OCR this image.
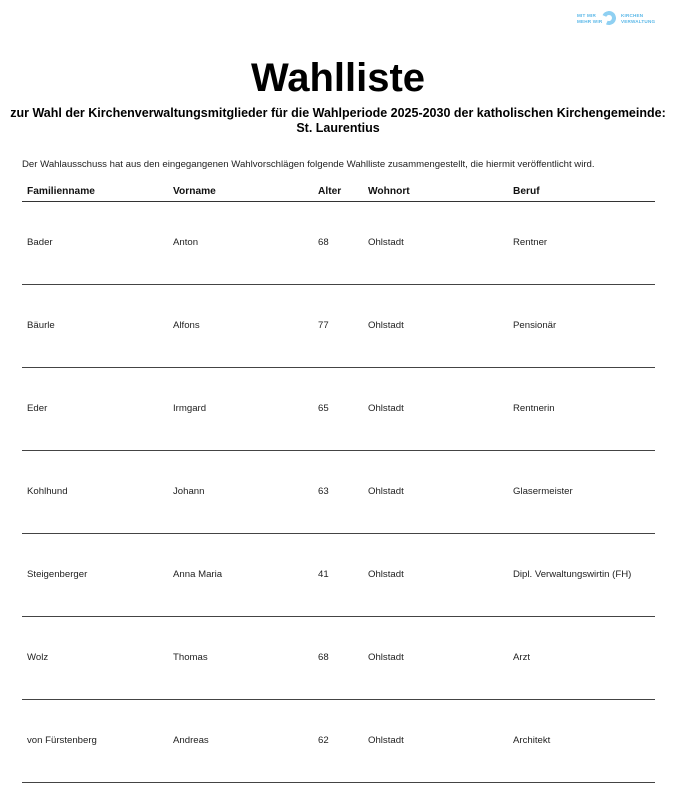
MIT MIR
MEHR WIR
KIRCHEN
VERWALTUNG
Wahlliste
zur Wahl der Kirchenverwaltungsmitglieder für die Wahlperiode 2025-2030 der katholischen Kirchengemeinde:
St. Laurentius
Der Wahlausschuss hat aus den eingegangenen Wahlvorschlägen folgende Wahlliste zusammengestellt, die hiermit veröffentlicht wird.
Familienname	Vorname	Alter	Wohnort	Beruf
Bader	Anton	68	Ohlstadt	Rentner
Bäurle	Alfons	77	Ohlstadt	Pensionär
Eder	Irmgard	65	Ohlstadt	Rentnerin
Kohlhund	Johann	63	Ohlstadt	Glasermeister
Steigenberger	Anna Maria	41	Ohlstadt	Dipl. Verwaltungswirtin (FH)
Wolz	Thomas	68	Ohlstadt	Arzt
von Fürstenberg	Andreas	62	Ohlstadt	Architekt
